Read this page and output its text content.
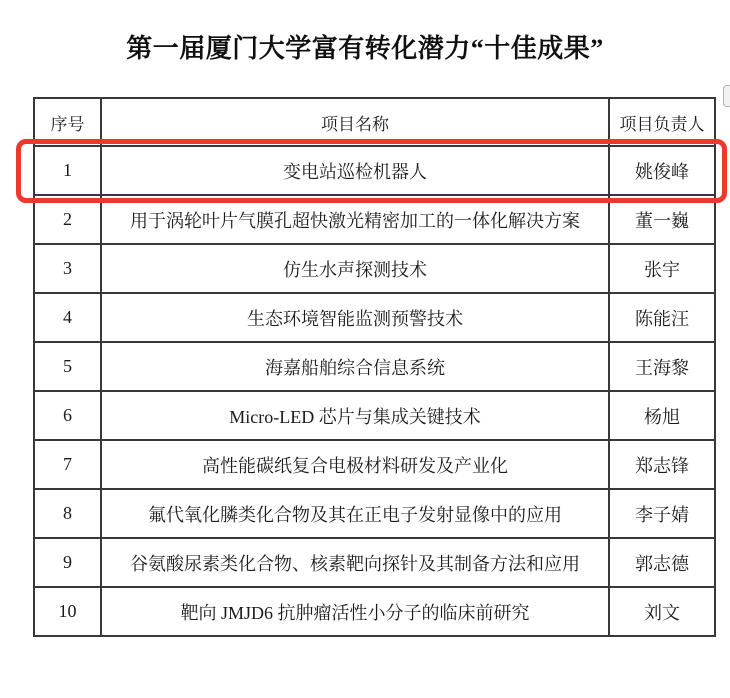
第一届厦门大学富有转化潜力“十佳成果”
序号	项目名称	项目负责人
1	变电站巡检机器人	姚俊峰
2	用于涡轮叶片气膜孔超快激光精密加工的一体化解决方案	董一巍
3	仿生水声探测技术	张宇
4	生态环境智能监测预警技术	陈能汪
5	海嘉船舶综合信息系统	王海黎
6	Micro-LED 芯片与集成关键技术	杨旭
7	高性能碳纸复合电极材料研发及产业化	郑志锋
8	氟代氧化膦类化合物及其在正电子发射显像中的应用	李子婧
9	谷氨酸尿素类化合物、核素靶向探针及其制备方法和应用	郭志德
10	靶向 JMJD6 抗肿瘤活性小分子的临床前研究	刘文
